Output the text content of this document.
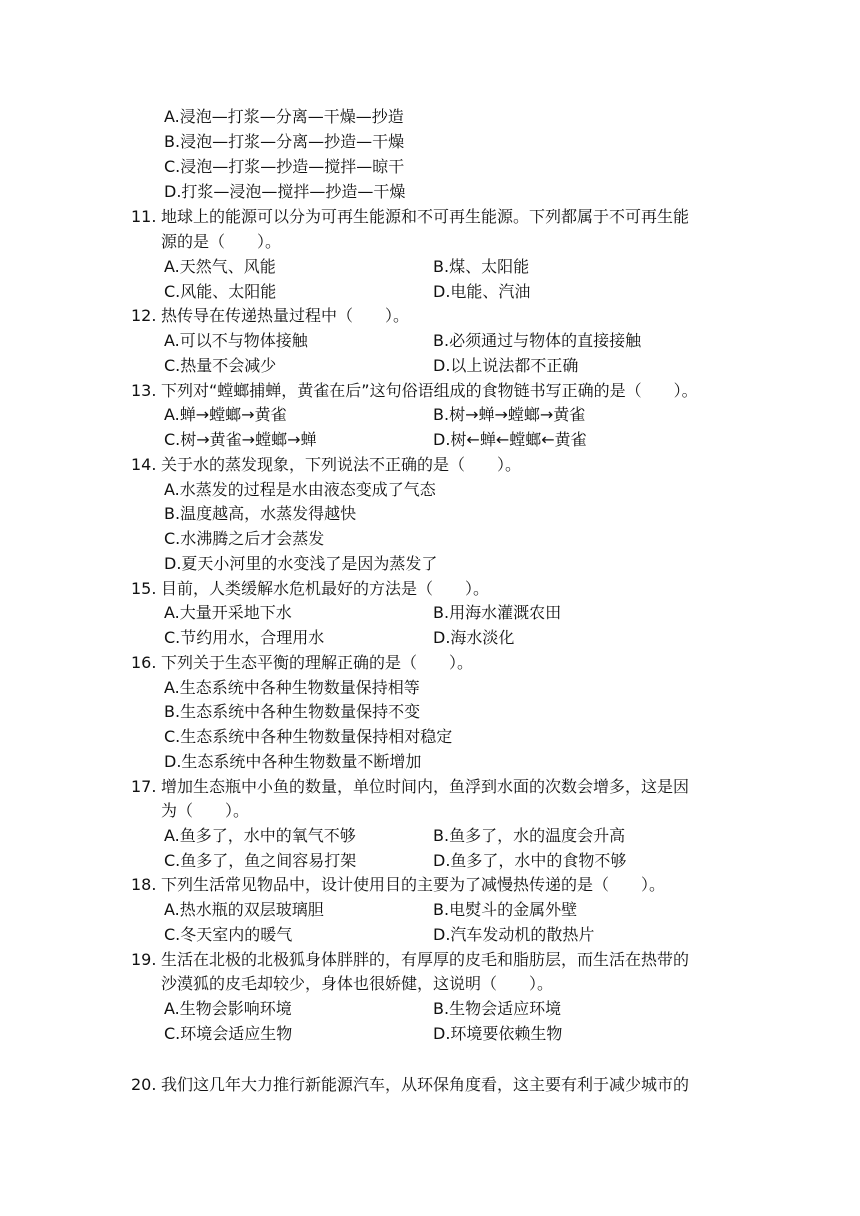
A.浸泡—打浆—分离—干燥—抄造
B.浸泡—打浆—分离—抄造—干燥
C.浸泡—打浆—抄造—搅拌—晾干
D.打浆—浸泡—搅拌—抄造—干燥
11. 地球上的能源可以分为可再生能源和不可再生能源。下列都属于不可再生能
源的是（　　）。
A.天然气、风能	B.煤、太阳能
C.风能、太阳能	D.电能、汽油
12. 热传导在传递热量过程中（　　）。
A.可以不与物体接触	B.必须通过与物体的直接接触
C.热量不会减少	D.以上说法都不正确
13. 下列对“螳螂捕蝉，黄雀在后”这句俗语组成的食物链书写正确的是（　　）。
A.蝉→螳螂→黄雀	B.树→蝉→螳螂→黄雀
C.树→黄雀→螳螂→蝉	D.树←蝉←螳螂←黄雀
14. 关于水的蒸发现象，下列说法不正确的是（　　）。
A.水蒸发的过程是水由液态变成了气态
B.温度越高，水蒸发得越快
C.水沸腾之后才会蒸发
D.夏天小河里的水变浅了是因为蒸发了
15. 目前，人类缓解水危机最好的方法是（　　）。
A.大量开采地下水	B.用海水灌溉农田
C.节约用水，合理用水	D.海水淡化
16. 下列关于生态平衡的理解正确的是（　　）。
A.生态系统中各种生物数量保持相等
B.生态系统中各种生物数量保持不变
C.生态系统中各种生物数量保持相对稳定
D.生态系统中各种生物数量不断增加
17. 增加生态瓶中小鱼的数量，单位时间内，鱼浮到水面的次数会增多，这是因
为（　　）。
A.鱼多了，水中的氧气不够	B.鱼多了，水的温度会升高
C.鱼多了，鱼之间容易打架	D.鱼多了，水中的食物不够
18. 下列生活常见物品中，设计使用目的主要为了减慢热传递的是（　　）。
A.热水瓶的双层玻璃胆	B.电熨斗的金属外壁
C.冬天室内的暖气	D.汽车发动机的散热片
19. 生活在北极的北极狐身体胖胖的，有厚厚的皮毛和脂肪层，而生活在热带的
沙漠狐的皮毛却较少，身体也很娇健，这说明（　　）。
A.生物会影响环境	B.生物会适应环境
C.环境会适应生物	D.环境要依赖生物
20. 我们这几年大力推行新能源汽车，从环保角度看，这主要有利于减少城市的
